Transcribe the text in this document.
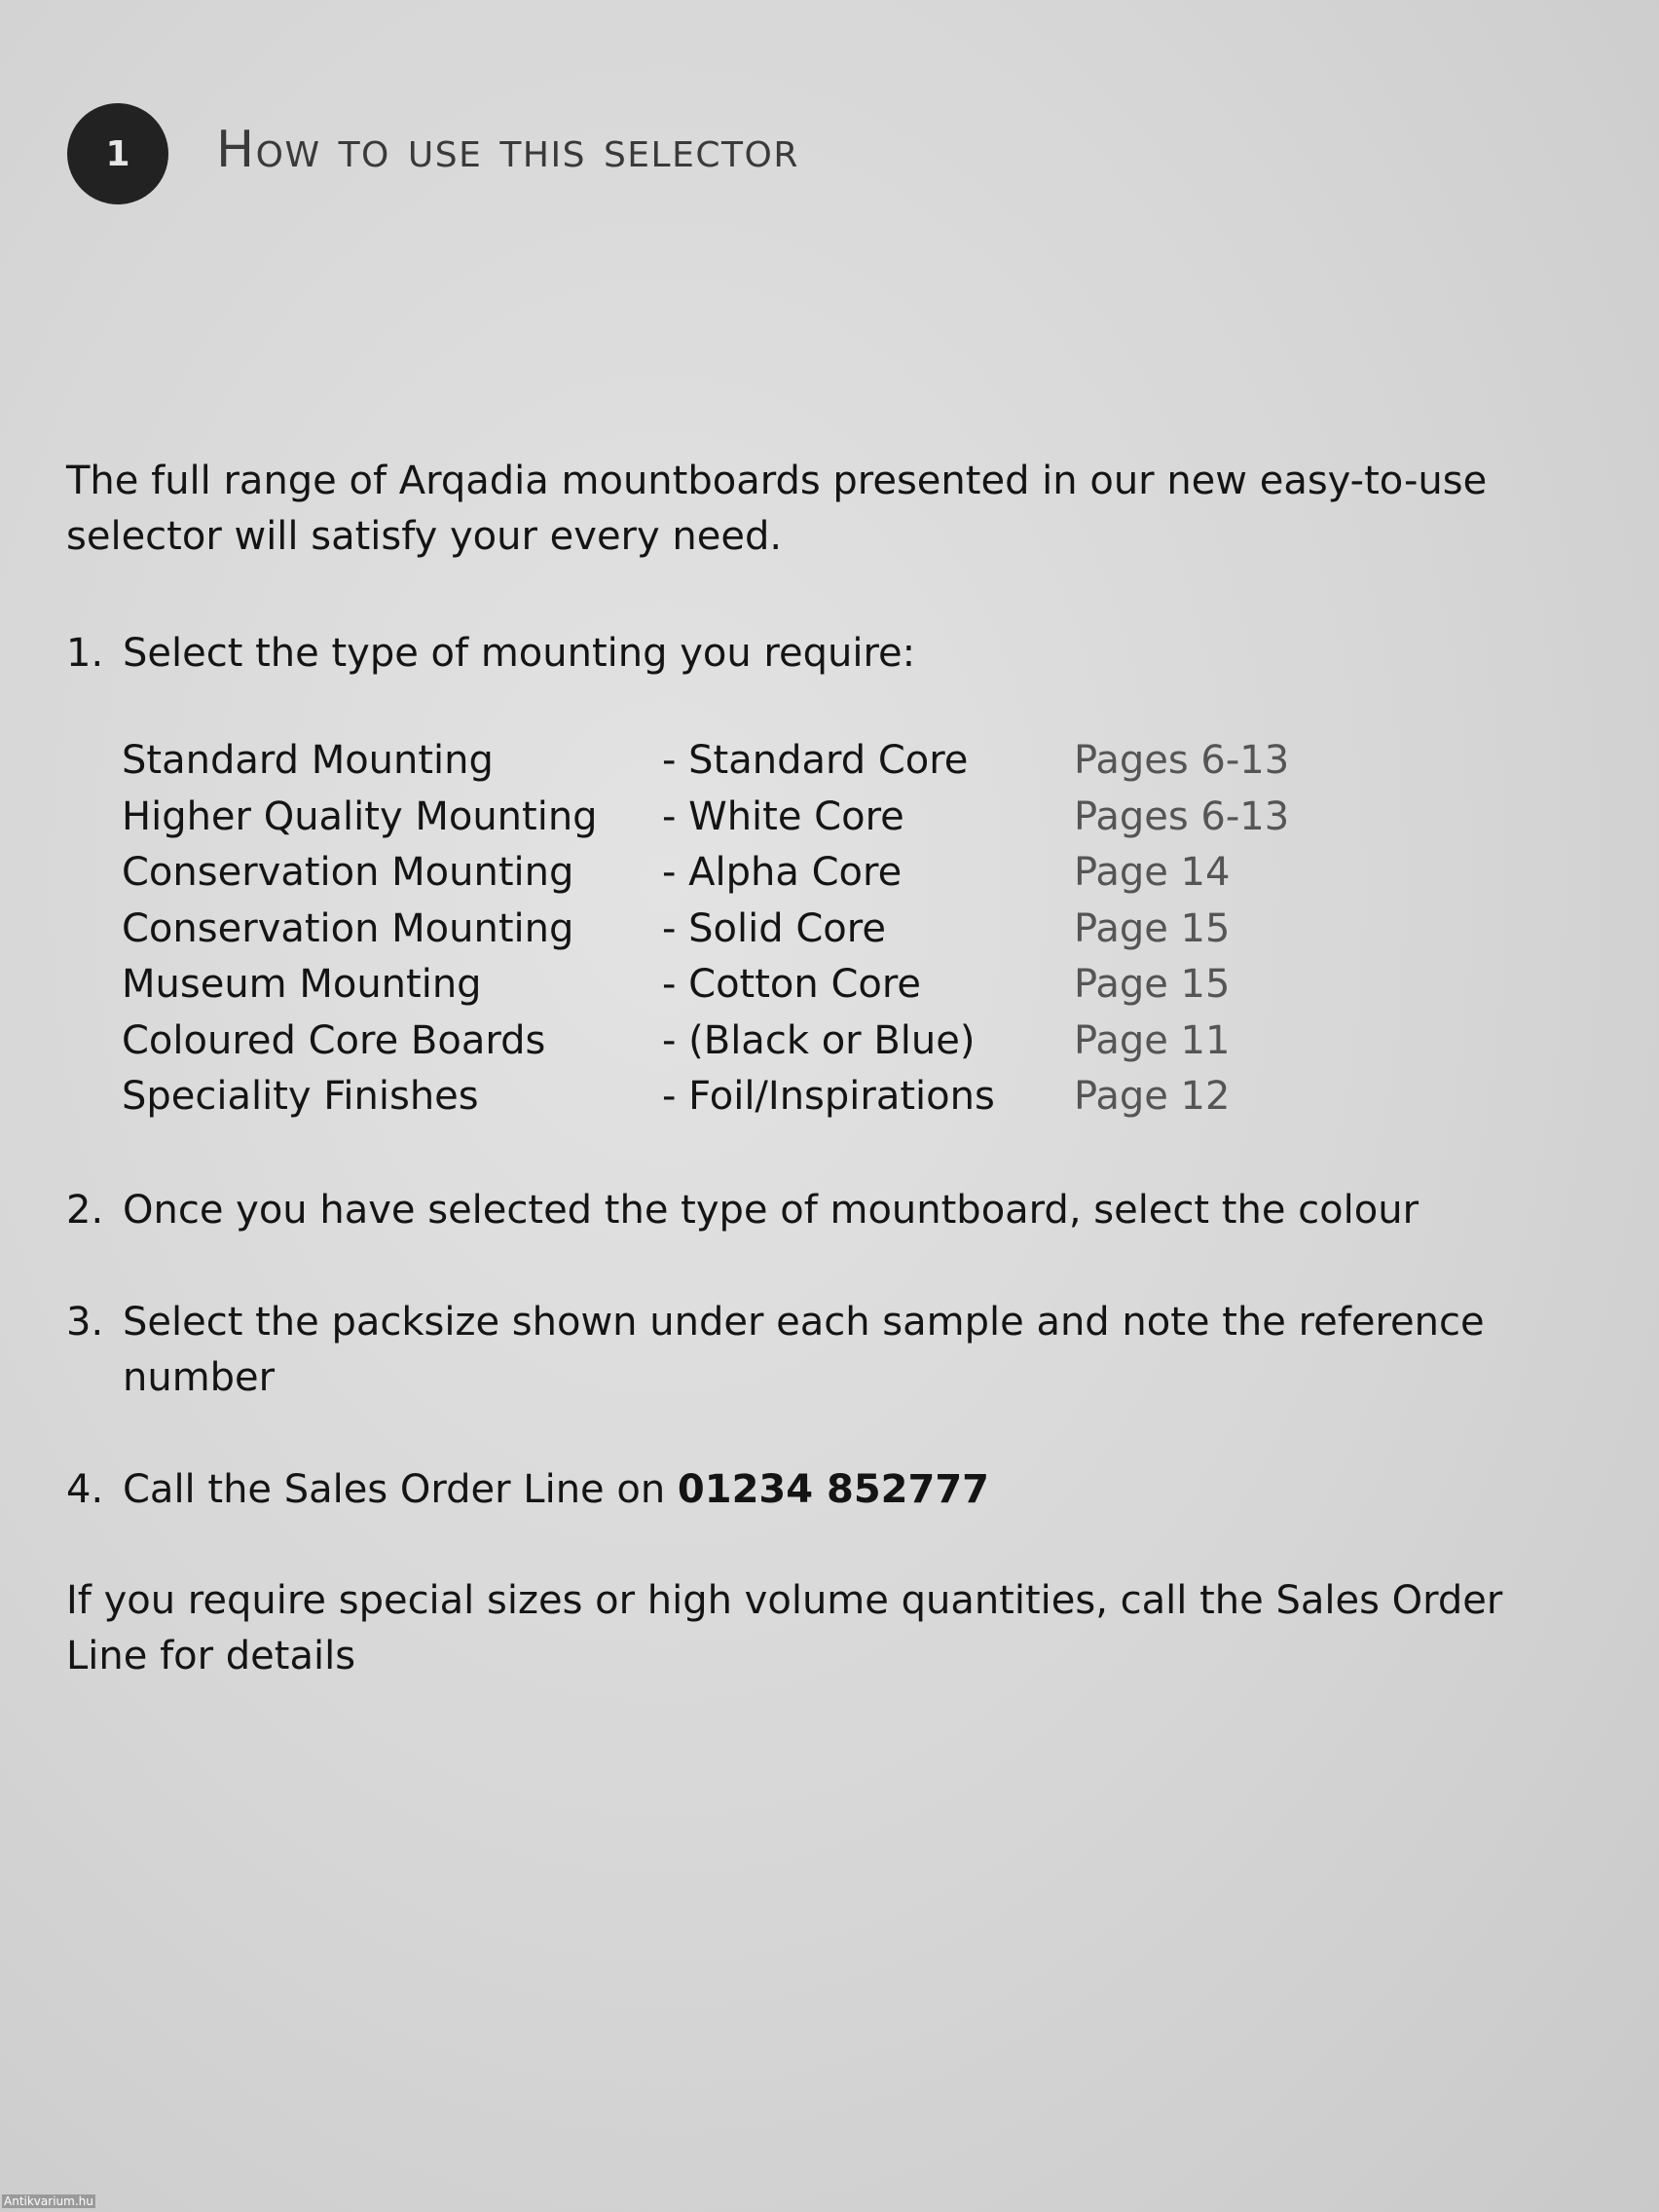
1 How to use this selector

The full range of Arqadia mountboards presented in our new easy-to-use selector will satisfy your every need.

1. Select the type of mounting you require:
Standard Mounting	- Standard Core	Pages 6-13
Higher Quality Mounting - White Core	Pages 6-13
Conservation Mounting - Alpha Core	Page 14
Conservation Mounting - Solid Core	Page 15
Museum Mounting	- Cotton Core	Page 15
Coloured Core Boards	- (Black or Blue)	Page 11
Speciality Finishes	- Foil/Inspirations Page 12
2. Once you have selected the type of mountboard, select the colour
3. Select the packsize shown under each sample and note the reference number
4. Call the Sales Order Line on 01234 852777

If you require special sizes or high volume quantities, call the Sales Order Line for details

Antikvarium.hu
